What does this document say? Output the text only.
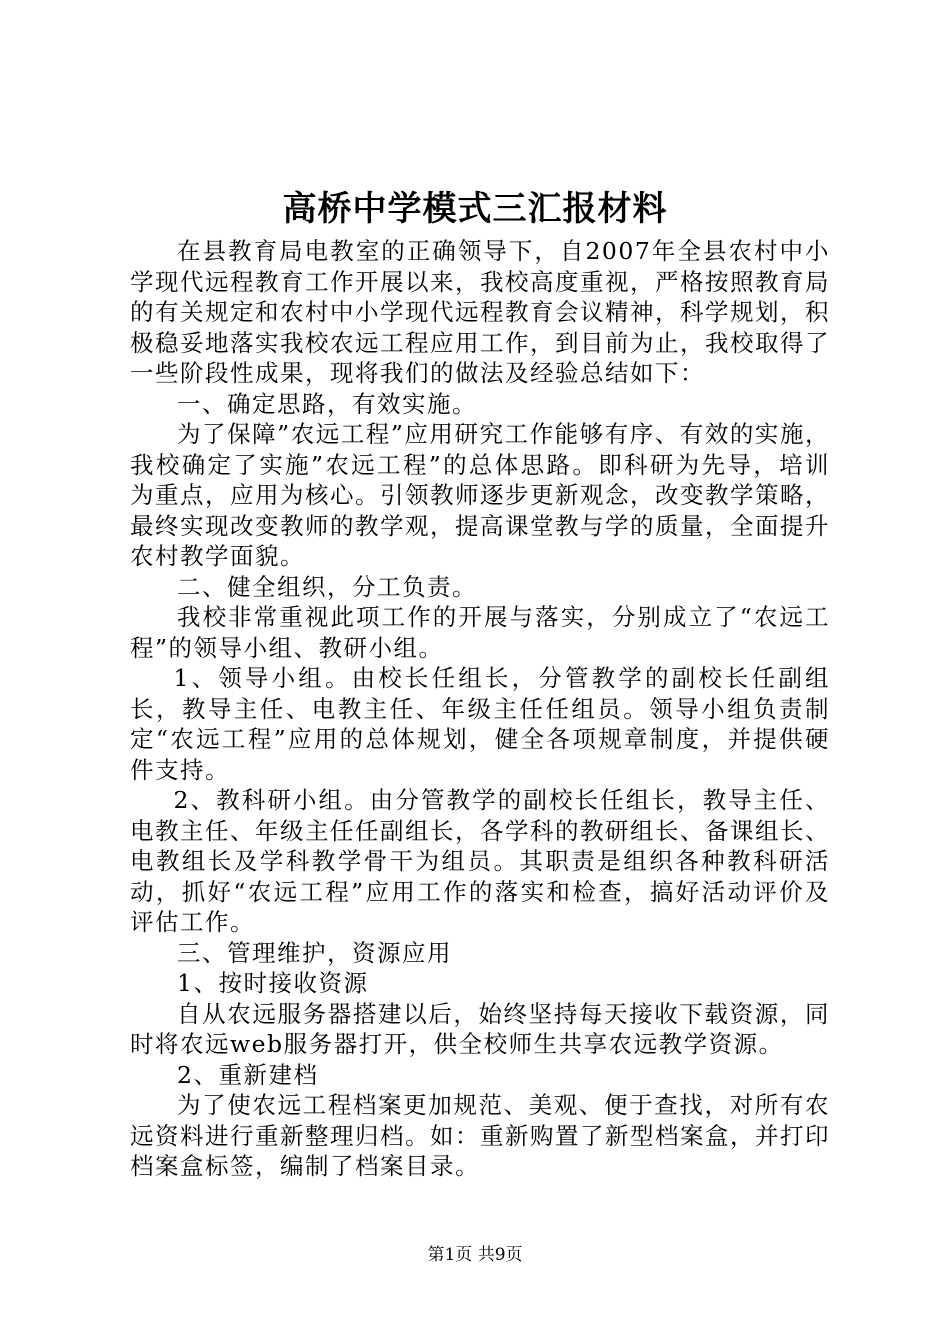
高桥中学模式三汇报材料

在县教育局电教室的正确领导下，自2007年全县农村中小学现代远程教育工作开展以来，我校高度重视，严格按照教育局的有关规定和农村中小学现代远程教育会议精神，科学规划，积极稳妥地落实我校农远工程应用工作，到目前为止，我校取得了一些阶段性成果，现将我们的做法及经验总结如下：

一、确定思路，有效实施。

为了保障”农远工程”应用研究工作能够有序、有效的实施，我校确定了实施”农远工程”的总体思路。即科研为先导，培训为重点，应用为核心。引领教师逐步更新观念，改变教学策略，最终实现改变教师的教学观，提高课堂教与学的质量，全面提升农村教学面貌。

二、健全组织，分工负责。

我校非常重视此项工作的开展与落实，分别成立了“农远工程”的领导小组、教研小组。

1、领导小组。由校长任组长，分管教学的副校长任副组长，教导主任、电教主任、年级主任任组员。领导小组负责制定“农远工程”应用的总体规划，健全各项规章制度，并提供硬件支持。

2、教科研小组。由分管教学的副校长任组长，教导主任、电教主任、年级主任任副组长，各学科的教研组长、备课组长、电教组长及学科教学骨干为组员。其职责是组织各种教科研活动，抓好“农远工程”应用工作的落实和检查，搞好活动评价及评估工作。

三、管理维护，资源应用

1、按时接收资源

自从农远服务器搭建以后，始终坚持每天接收下载资源，同时将农远web服务器打开，供全校师生共享农远教学资源。

2、重新建档

为了使农远工程档案更加规范、美观、便于查找，对所有农远资料进行重新整理归档。如：重新购置了新型档案盒，并打印档案盒标签，编制了档案目录。

第1页 共9页
